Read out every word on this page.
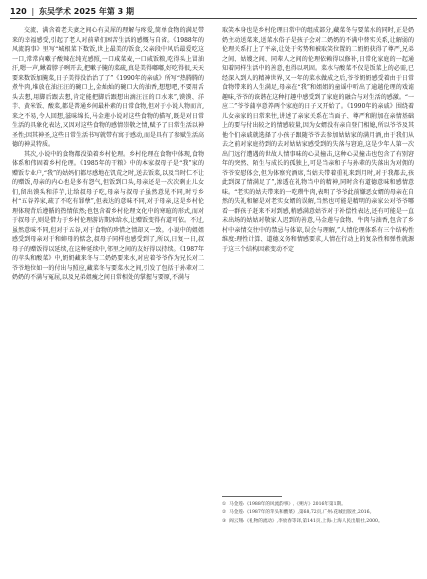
120 | 东吴学术 2025 年第 3 期

交流、满含着老夫妻之间心有灵犀的理解与疼爱,简单食物的满足带来的幸福感受,引起了老人对前辈们困苦生活的感慨与自省。《1988年的风流韵事》里写“城根菜下数饭,世上最美的饭食,父亲段中风后最爱吃这一口,常常向嗽子酸辣在纯光感照,一口咸菜麦,一口咸饭粮,吃得头上冒油汗,嗯一声,鳅着脖子咧开去,把嗽子腌的菜疏,真是美得嘟嘟,好吃得很,天天要来数饭加腌菜,日子美得没治治了了”《1990年的亲戚》所写“热腾腾的煮牛肉,堆放在油汪汪的碗口上,金灿灿的碗口大的油香,想想吧,不要用舌头去想,用脚后跟去想,肯定能把脚后跟想出滴汪汪的口水来”,馍馍、洋芋、黄米饭、酸菜,都是普通乡间最朴素的日常食物,但对于小说人物而言,来之不易,令人回想,滋味绵长,马金莲小说对这些食物的描写,既是对日常生活的具象化表达,又因对这些食物的感情崇敬之情,赋予了日常生活以神圣性;因其神圣,这些日常生活书写就带有寓于感动,而是具有了参赋生活高德的神灵特质。

其次,小说中的食物都没染着乡村伦理。乡村伦理在食物中体现,食物体系和伟固着乡村伦理。《1985年的干粮》中的本家叔母子是“我”家的赠饭专业户,“我”的姑妈们都尽感地在饥荒之时,送去饭菜,以及当时仁不让的赠饭,母亲的内心也是多有怨气,但饭到口头,母亲还是一次次剩止儿女们,留出馍头和洋芋,让给叔母子吃,母亲与叔母子虽然意见不同,时亏乡村“五谷养家,疏了不吃有罪孽”,但表达的意味不同,对于母亲,这是乡村伦理体现背后遵循的热情依然;也包含着乡村伦理文化中的寒暄的形式,而对于叔母子,则是借力于乡村伦理游访期冰给水,让赠饭变得有道可依。不过,虽然意味不同,但对于五谷,对于食物的珍惜之情却又一致。小说中的姐姐感受到母亲对于和婶母的惦念,叔母子同样也感受到了,所以,日复一日,叔母子的赠饭得以延续,在这种延续中,邻里之间的友好得以持续。《1987年的苹头和酸菜》中,奶奶藏来冬与二奶奶要来水,对应着爷爷作为兄长对二爷爷地位如一的付出与照应,藏菜冬与要菜水之间,引发了包括于孙辈对二奶奶的不满与冤屈,以及兄弟姐瘦之间日常相处的掌握与要原,不满与

取笑本身也是乡村伦理日常中的组成部分,藏菜冬与要菜水的同时,正是奶奶主动送菜来,送菜水俗子是孩子会对二奶奶的不满中替实关系,让解弱的伦理关系打上了平亲,让处于劣势和被取笑位置的二奶奶获得了尊严,兄弟之间、姑嫂之间、同辈人之间的伦理依赖得以修补,日常化家庭的一起通知着同样生活中的善意,也得以巩固。菜水与酸菜不仅是饭菜上的必需,已经深入到人的精神世界,又一年的菜水做成之后,爷爷奶奶感受着由于日常食物带来的人生满足,母亲在“我”和姐姐的童谣中听出了逾越伦理的戏谑趣味,爷爷的诙谐在这种打趣中感受到了家庭的融合与对生活的感激。“一应二”爷爷蒲享意养两个家庭的日子又开始了。《1990年的亲戚》围绕着儿女亲家的日常来往,讲述了亲家关系在当面子、尊严和附加在亲情基础上的要与付出较之的情感较量,因为女婿没有亲自登门相媳,所以爷爷及其他个们亲戚就选择了小孩子跟随爷爷去参加姑姑家的满月酒,由于我们从去之前对家庭待到的去对姑姑家感受到的失落与窘迫,这是少年人第一次出门远行遭遇的世故人情事味的心灵撞击,这种心灵撞击也包含了有别窘年的突然、陌生与成长的孤独上,可是当亲和子与孙辈的失落出为对佣的爷爷安慰体会,但为体察究酒席,当姑夫带着重礼来到月时,对于我都去,孩此到深了情满足了”,渗透在礼物当中的精神,同时含有道德意味和感情意味。“老实的姑夫带来的一吃瓒牛肉,表明了爷爷此前嫌恶女婿的母亲在自然的失礼和解是对老实女婿的误解,当然也可能是精明的亲家公对爷爷哪看一群孩子赶来不对到感,稍感满意姑爷对于补偿性表达,还有可能是一直未出场的姑姑对敬家人迟到的善意,马金莲与食物、牛肉与油香,包含了乡村中亲情交往中的禁忌与体谅,误会与理解,”人情伦理体系有三个结构性维度:理性计算、道德义务和情感要求,人情在行动上的复杂性和弹性就源于这三个结构因素变动不定

① 马金莲:《1988年的风流韵事》,《朔方》2016年第1期。
② 马金莲:《1987年的苹头和酸菜》,第68,72页,广州:花城出版社,2016。
③ 阎云翔:《礼物的流动》,李放春等译,第141页,上海:上海人民出版社,2000。
